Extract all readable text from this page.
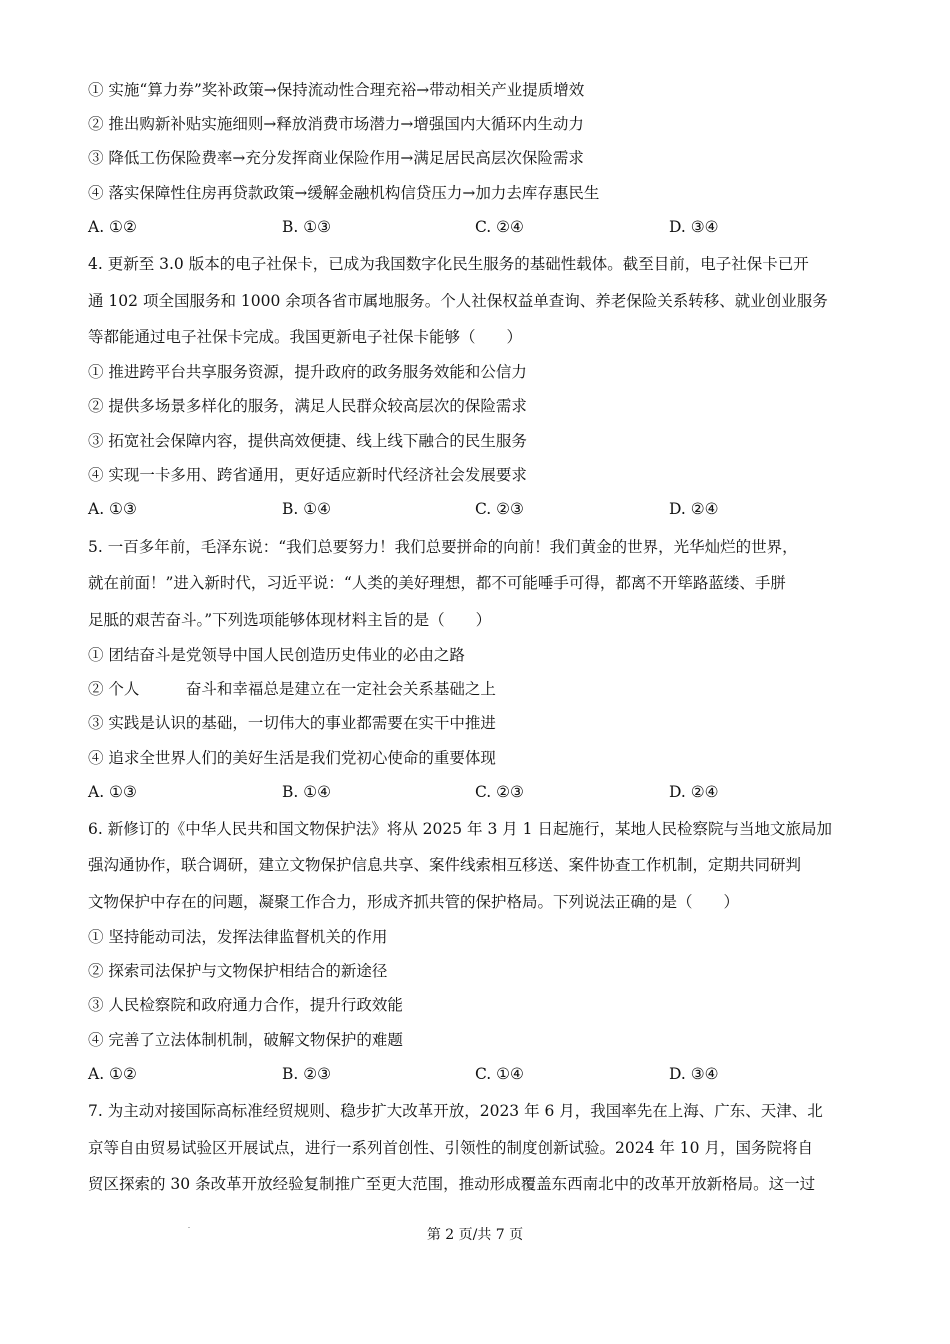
① 实施“算力券”奖补政策→保持流动性合理充裕→带动相关产业提质增效
② 推出购新补贴实施细则→释放消费市场潜力→增强国内大循环内生动力
③ 降低工伤保险费率→充分发挥商业保险作用→满足居民高层次保险需求
④ 落实保障性住房再贷款政策→缓解金融机构信贷压力→加力去库存惠民生
A. ①②	B. ①③	C. ②④	D. ③④
4. 更新至 3.0 版本的电子社保卡，已成为我国数字化民生服务的基础性载体。截至目前，电子社保卡已开
通 102 项全国服务和 1000 余项各省市属地服务。个人社保权益单查询、养老保险关系转移、就业创业服务
等都能通过电子社保卡完成。我国更新电子社保卡能够（　　）
① 推进跨平台共享服务资源，提升政府的政务服务效能和公信力
② 提供多场景多样化的服务，满足人民群众较高层次的保险需求
③ 拓宽社会保障内容，提供高效便捷、线上线下融合的民生服务
④ 实现一卡多用、跨省通用，更好适应新时代经济社会发展要求
A. ①③	B. ①④	C. ②③	D. ②④
5. 一百多年前，毛泽东说：“我们总要努力！我们总要拼命的向前！我们黄金的世界，光华灿烂的世界，
就在前面！”进入新时代，习近平说：“人类的美好理想，都不可能唾手可得，都离不开筚路蓝缕、手胼
足胝的艰苦奋斗。”下列选项能够体现材料主旨的是（　　）
① 团结奋斗是党领导中国人民创造历史伟业的必由之路
② 个人　　　奋斗和幸福总是建立在一定社会关系基础之上
③ 实践是认识的基础，一切伟大的事业都需要在实干中推进
④ 追求全世界人们的美好生活是我们党初心使命的重要体现
A. ①③	B. ①④	C. ②③	D. ②④
6. 新修订的《中华人民共和国文物保护法》将从 2025 年 3 月 1 日起施行，某地人民检察院与当地文旅局加
强沟通协作，联合调研，建立文物保护信息共享、案件线索相互移送、案件协查工作机制，定期共同研判
文物保护中存在的问题，凝聚工作合力，形成齐抓共管的保护格局。下列说法正确的是（　　）
① 坚持能动司法，发挥法律监督机关的作用
② 探索司法保护与文物保护相结合的新途径
③ 人民检察院和政府通力合作，提升行政效能
④ 完善了立法体制机制，破解文物保护的难题
A. ①②	B. ②③	C. ①④	D. ③④
7. 为主动对接国际高标准经贸规则、稳步扩大改革开放，2023 年 6 月，我国率先在上海、广东、天津、北
京等自由贸易试验区开展试点，进行一系列首创性、引领性的制度创新试验。2024 年 10 月，国务院将自
贸区探索的 30 条改革开放经验复制推广至更大范围，推动形成覆盖东西南北中的改革开放新格局。这一过
第 2 页/共 7 页
